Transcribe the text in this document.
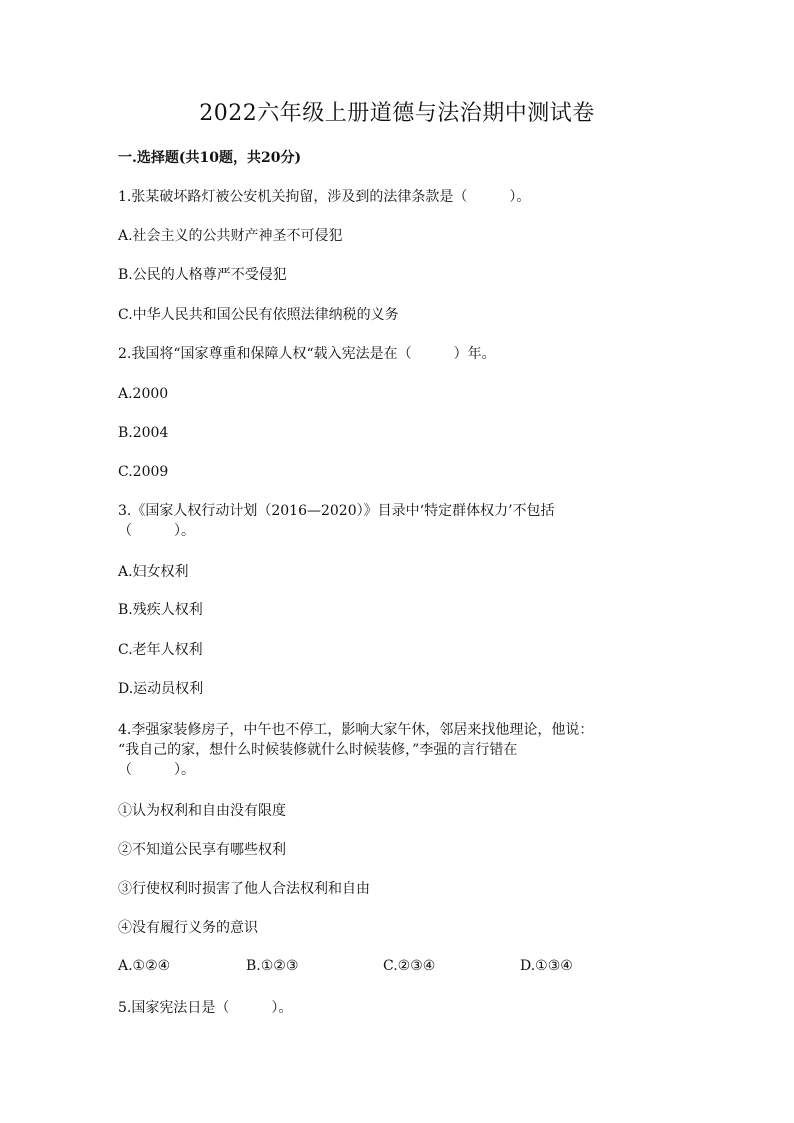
2022六年级上册道德与法治期中测试卷
一.选择题(共10题，共20分)
1.张某破坏路灯被公安机关拘留，涉及到的法律条款是（　　　）。
A.社会主义的公共财产神圣不可侵犯
B.公民的人格尊严不受侵犯
C.中华人民共和国公民有依照法律纳税的义务
2.我国将“国家尊重和保障人权“载入宪法是在（　　　）年。
A.2000
B.2004
C.2009
3.《国家人权行动计划（2016—2020）》目录中‘特定群体权力’不包括
（　　　）。
A.妇女权利
B.残疾人权利
C.老年人权利
D.运动员权利
4.李强家装修房子，中午也不停工，影响大家午休，邻居来找他理论，他说：
“我自己的家，想什么时候装修就什么时候装修，”李强的言行错在
（　　　）。
①认为权利和自由没有限度
②不知道公民享有哪些权利
③行使权利时损害了他人合法权利和自由
④没有履行义务的意识
A.①②④	B.①②③	C.②③④	D.①③④
5.国家宪法日是（　　　）。
